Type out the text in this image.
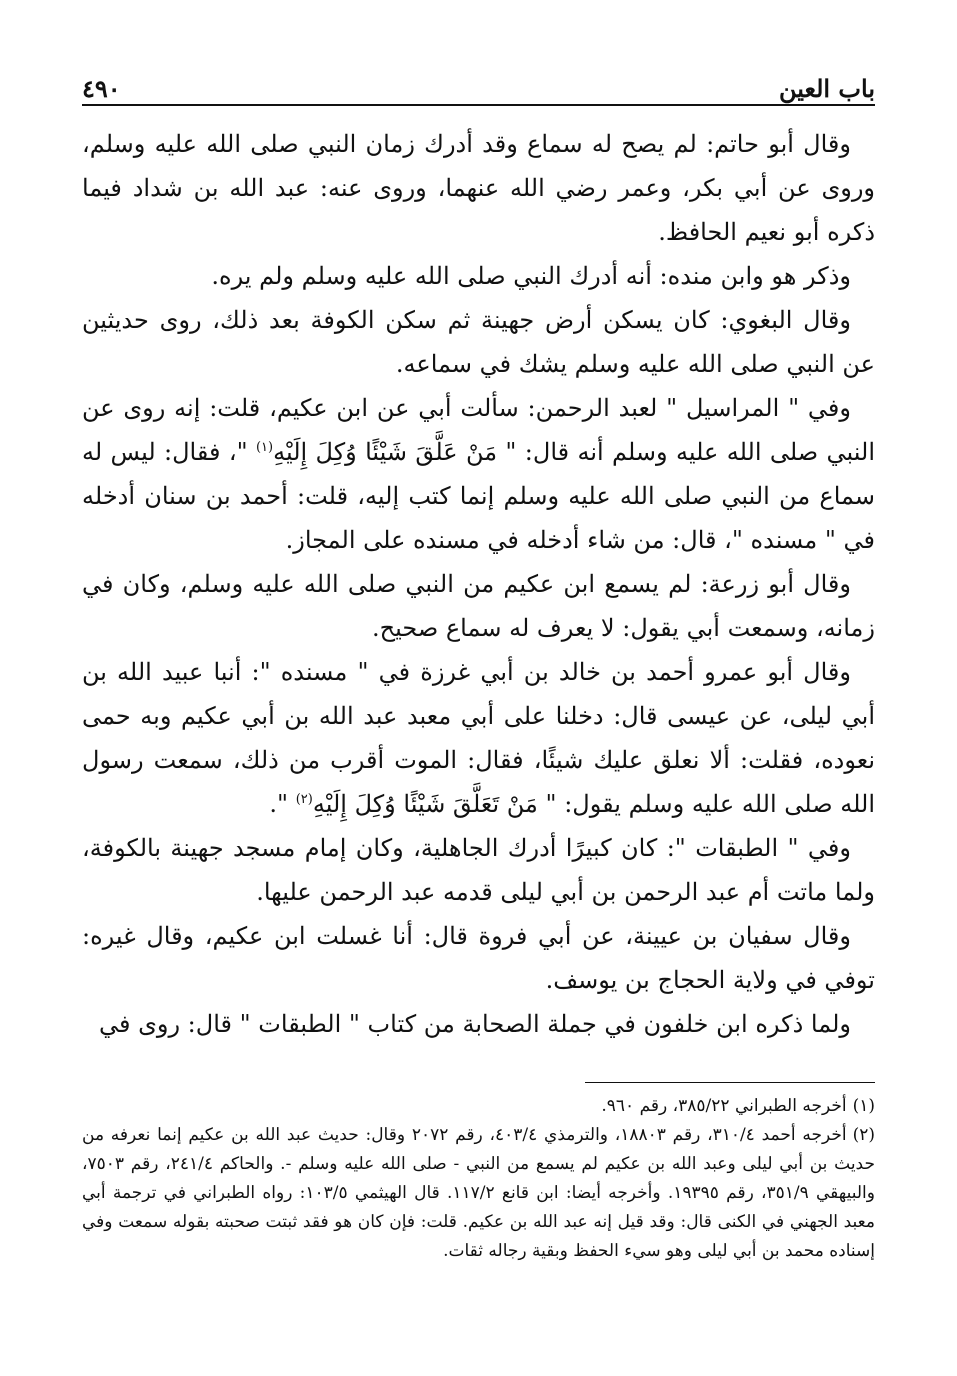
باب العين
٤٩٠

وقال أبو حاتم: لم يصح له سماع وقد أدرك زمان النبي صلى الله عليه وسلم، وروى عن أبي بكر، وعمر رضي الله عنهما، وروى عنه: عبد الله بن شداد فيما ذكره أبو نعيم الحافظ.

وذكر هو وابن منده: أنه أدرك النبي صلى الله عليه وسلم ولم يره.

وقال البغوي: كان يسكن أرض جهينة ثم سكن الكوفة بعد ذلك، روى حديثين عن النبي صلى الله عليه وسلم يشك في سماعه.

وفي " المراسيل " لعبد الرحمن: سألت أبي عن ابن عكيم، قلت: إنه روى عن النبي صلى الله عليه وسلم أنه قال: " مَنْ عَلَّقَ شَيْئًا وُكِلَ إِلَيْهِ$^{(١)}$ "، فقال: ليس له سماع من النبي صلى الله عليه وسلم إنما كتب إليه، قلت: أحمد بن سنان أدخله في " مسنده "، قال: من شاء أدخله في مسنده على المجاز.

وقال أبو زرعة: لم يسمع ابن عكيم من النبي صلى الله عليه وسلم، وكان في زمانه، وسمعت أبي يقول: لا يعرف له سماع صحيح.

وقال أبو عمرو أحمد بن خالد بن أبي غرزة في " مسنده ": أنبا عبيد الله بن أبي ليلى، عن عيسى قال: دخلنا على أبي معبد عبد الله بن أبي عكيم وبه حمى نعوده، فقلت: ألا نعلق عليك شيئًا، فقال: الموت أقرب من ذلك، سمعت رسول الله صلى الله عليه وسلم يقول: " مَنْ تَعَلَّقَ شَيْئًا وُكِلَ إِلَيْهِ$^{(٢)}$ ".

وفي " الطبقات ": كان كبيرًا أدرك الجاهلية، وكان إمام مسجد جهينة بالكوفة، ولما ماتت أم عبد الرحمن بن أبي ليلى قدمه عبد الرحمن عليها.

وقال سفيان بن عيينة، عن أبي فروة قال: أنا غسلت ابن عكيم، وقال غيره: توفي في ولاية الحجاج بن يوسف.

ولما ذكره ابن خلفون في جملة الصحابة من كتاب " الطبقات " قال: روى في

(١)أخرجه الطبراني ٣٨٥/٢٢، رقم ٩٦٠.

(٢)أخرجه أحمد ٣١٠/٤، رقم ١٨٨٠٣، والترمذي ٤٠٣/٤، رقم ٢٠٧٢ وقال: حديث عبد الله بن عكيم إنما نعرفه من حديث بن أبي ليلى وعبد الله بن عكيم لم يسمع من النبي - صلى الله عليه وسلم -. والحاكم ٢٤١/٤، رقم ٧٥٠٣، والبيهقي ٣٥١/٩، رقم ١٩٣٩٥. وأخرجه أيضا: ابن قانع ١١٧/٢. قال الهيثمي ١٠٣/٥: رواه الطبراني في ترجمة أبي معبد الجهني في الكنى قال: وقد قيل إنه عبد الله بن عكيم. قلت: فإن كان هو فقد ثبتت صحبته بقوله سمعت وفي إسناده محمد بن أبي ليلى وهو سيء الحفظ وبقية رجاله ثقات.
